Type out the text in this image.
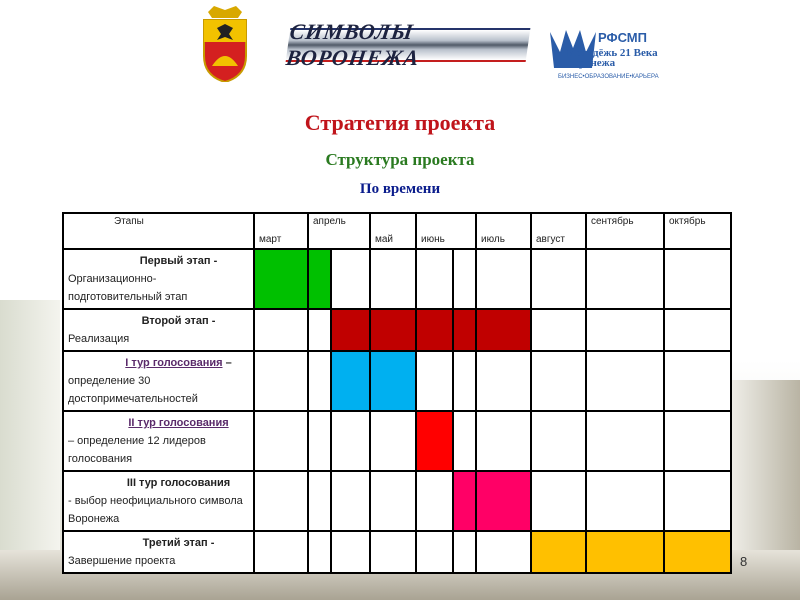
СИМВОЛЫ ВОРОНЕЖА
РФСМП
Молодёжь 21 Века
Воронежа
БИЗНЕС•ОБРАЗОВАНИЕ•КАРЬЕРА
Стратегия проекта
Структура проекта
По времени
Этапы	март	апрель		май	июнь		июль	август	сентябрь	октябрь

Первый этап -
Организационно-подготовительный этап										

Второй этап -
Реализация										

I тур голосования –
определение 30 достопримечательностей										

II тур голосования
– определение 12 лидеров голосования										

III тур голосования
- выбор неофициального символа Воронежа										

Третий этап -
Завершение проекта											8
